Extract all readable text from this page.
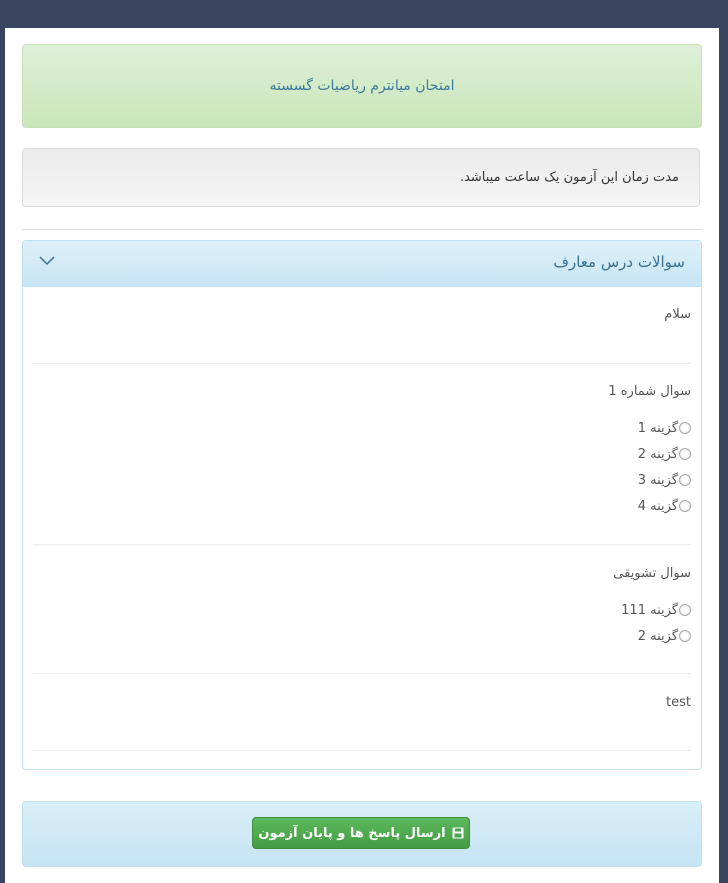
امتحان میانترم ریاضیات گسسته
مدت زمان این آزمون یک ساعت میباشد.
سوالات درس معارف
سلام
سوال شماره 1
گزینه 1
گزینه 2
گزینه 3
گزینه 4
سوال تشویقی
گزینه 111
گزینه 2
test
ارسال پاسخ ها و پایان آزمون
